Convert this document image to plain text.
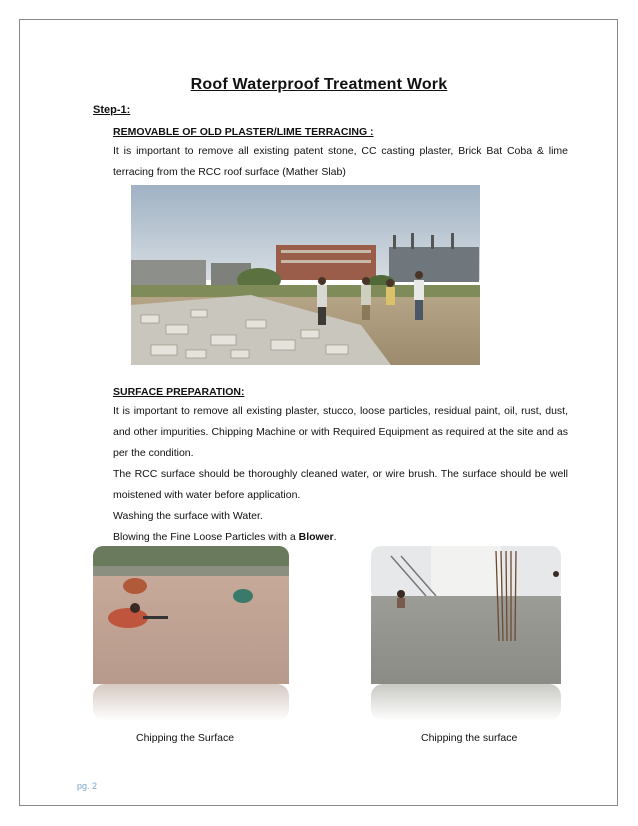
Roof Waterproof Treatment Work
Step-1:
REMOVABLE OF OLD PLASTER/LIME TERRACING :

It is important to remove all existing patent stone, CC casting plaster, Brick Bat Coba & lime terracing from the RCC roof surface (Mather Slab)

SURFACE PREPARATION:

It is important to remove all existing plaster, stucco, loose particles, residual paint, oil, rust, dust, and other impurities. Chipping Machine or with Required Equipment as required at the site and as per the condition.

The RCC surface should be thoroughly cleaned water, or wire brush. The surface should be well moistened with water before application.

Washing the surface with Water.

Blowing the Fine Loose Particles with a Blower.

Chipping the Surface	Chipping the surface
pg. 2
